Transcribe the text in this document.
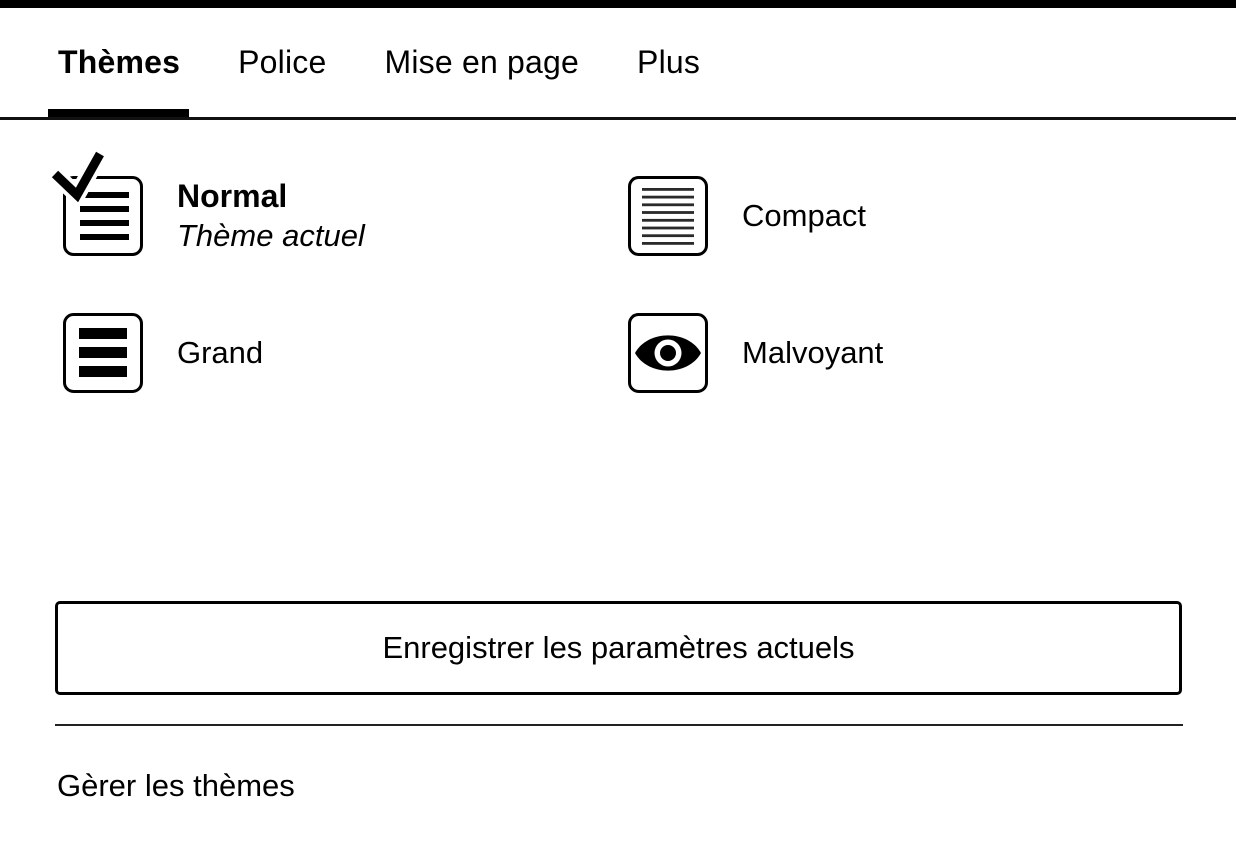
Thèmes Police Mise en page Plus
Normal
Thème actuel
Compact
Grand	Malvoyant
Enregistrer les paramètres actuels
Gèrer les thèmes
